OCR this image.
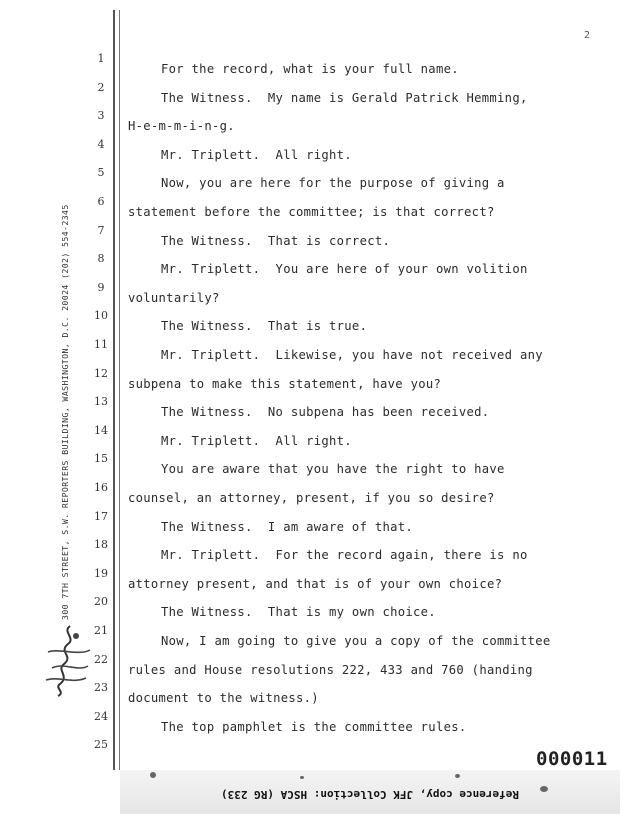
2
300 7TH STREET, S.W. REPORTERS BUILDING, WASHINGTON, D.C. 20024 (202) 554-2345
1
2
3
4
5
6
7
8
9
10
11
12
13
14
15
16
17
18
19
20
21
22
23
24
25
For the record, what is your full name.
The Witness.  My name is Gerald Patrick Hemming,
H-e-m-m-i-n-g.
Mr. Triplett.  All right.
Now, you are here for the purpose of giving a
statement before the committee; is that correct?
The Witness.  That is correct.
Mr. Triplett.  You are here of your own volition
voluntarily?
The Witness.  That is true.
Mr. Triplett.  Likewise, you have not received any
subpena to make this statement, have you?
The Witness.  No subpena has been received.
Mr. Triplett.  All right.
You are aware that you have the right to have
counsel, an attorney, present, if you so desire?
The Witness.  I am aware of that.
Mr. Triplett.  For the record again, there is no
attorney present, and that is of your own choice?
The Witness.  That is my own choice.
Now, I am going to give you a copy of the committee
rules and House resolutions 222, 433 and 760 (handing
document to the witness.)
The top pamphlet is the committee rules.
000011
Reference copy, JFK Collection: HSCA (RG 233)
